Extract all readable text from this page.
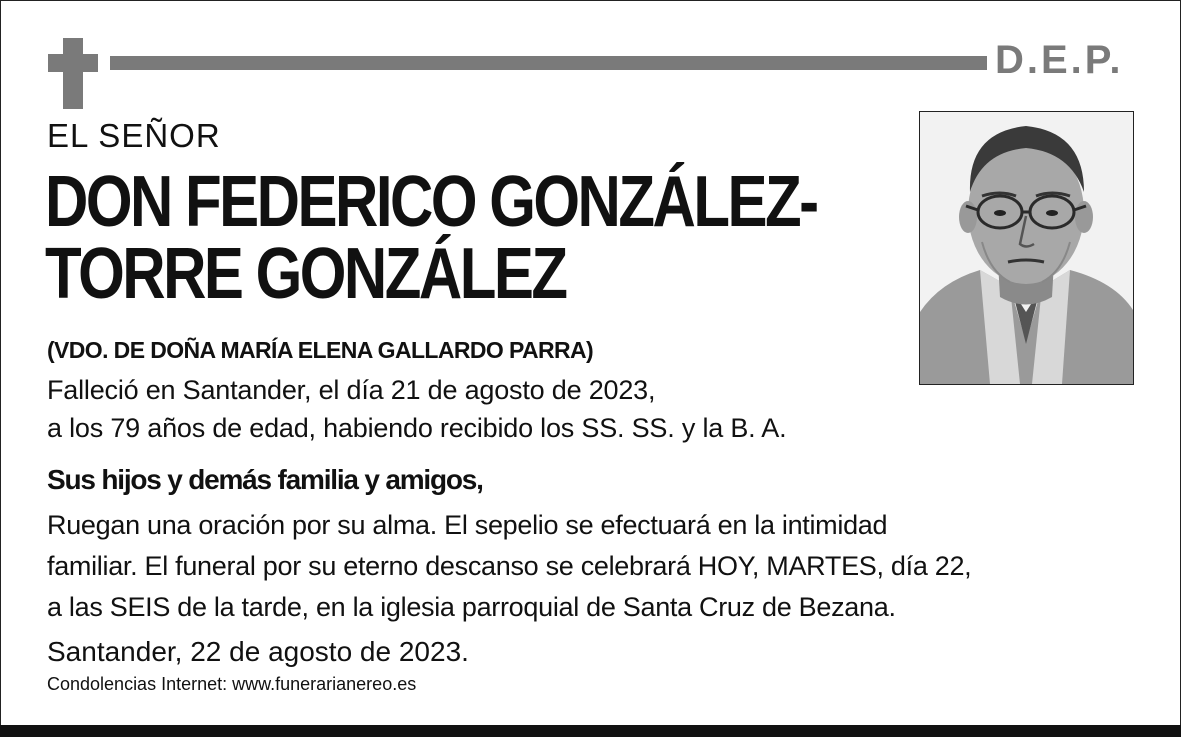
D.E.P.
EL SEÑOR
DON FEDERICO GONZÁLEZ-
TORRE GONZÁLEZ
(VDO. DE DOÑA MARÍA ELENA GALLARDO PARRA)
Falleció en Santander, el día 21 de agosto de 2023,
a los 79 años de edad, habiendo recibido los SS. SS. y la B. A.
Sus hijos y demás familia y amigos,
Ruegan una oración por su alma. El sepelio se efectuará en la intimidad
familiar. El funeral por su eterno descanso se celebrará HOY, MARTES, día 22,
a las SEIS de la tarde, en la iglesia parroquial de Santa Cruz de Bezana.
Santander, 22 de agosto de 2023.
Condolencias Internet: www.funerarianereo.es
